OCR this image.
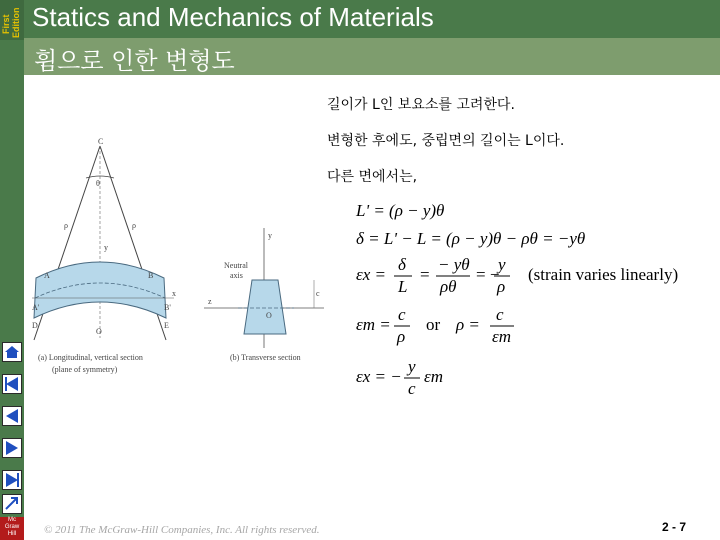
First Edition Statics and Mechanics of Materials
휨으로 인한 변형도
길이가 L인 보요소를 고려한다.
변형한 후에도, 중립면의 길이는 L이다.
다른 면에서는,
C
θ
ρ	ρ
y
A	B
D	E
A'	B'
O
x
(a) Longitudinal, vertical section
(plane of symmetry)
Neutral
axis
y
z
c
O
(b) Transverse section
L' = (ρ − y)θ
δ = L' − L = (ρ − y)θ − ρθ = −yθ
εx =
δ
L
=
− yθ
ρθ
= −
y
ρ
(strain varies linearly)
εm =
c
ρ
or ρ =
c
εm
εx = −
y
c
εm
Mc
Graw
Hill	© 2011 The McGraw-Hill Companies, Inc. All rights reserved.	2 - 7
